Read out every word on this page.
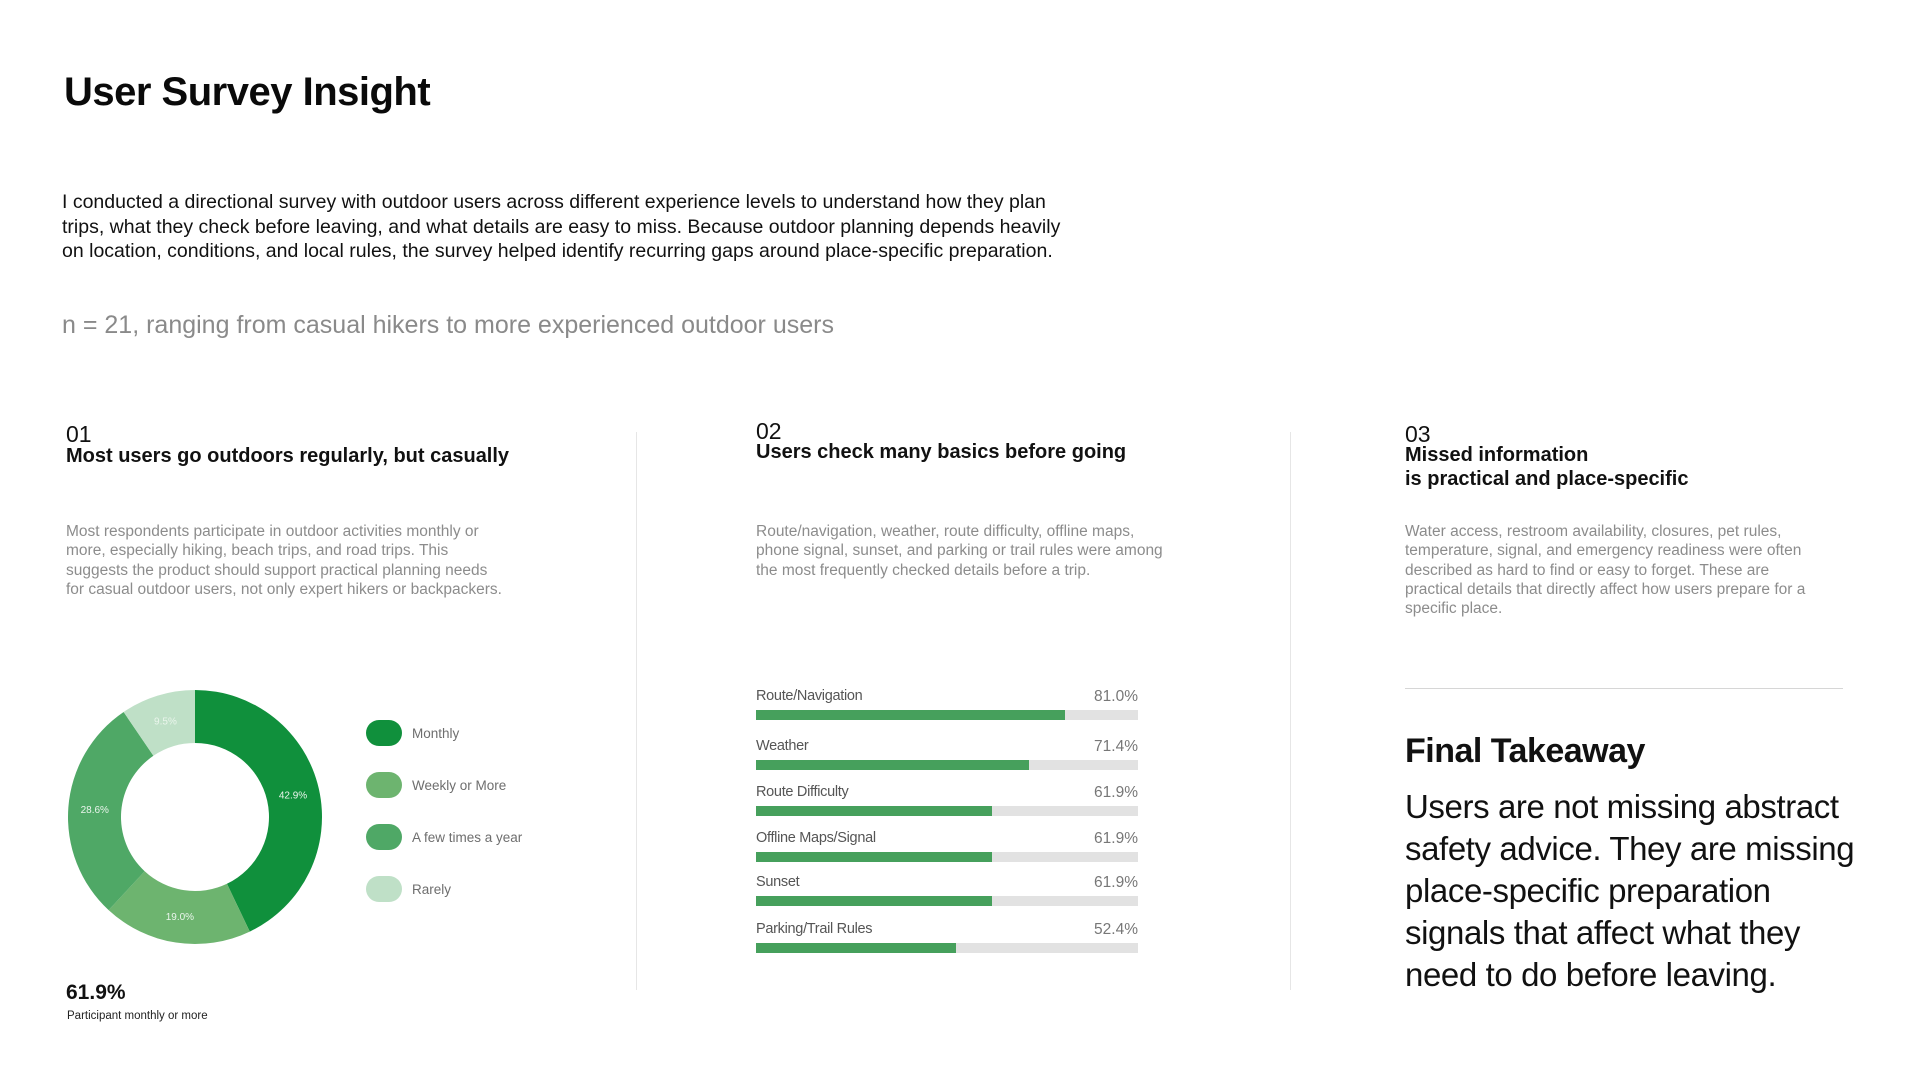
User Survey Insight
I conducted a directional survey with outdoor users across different experience levels to understand how they plan trips, what they check before leaving, and what details are easy to miss. Because outdoor planning depends heavily on location, conditions, and local rules, the survey helped identify recurring gaps around place-specific preparation.
n = 21, ranging from casual hikers to more experienced outdoor users
01
Most users go outdoors regularly, but casually
Most respondents participate in outdoor activities monthly or more, especially hiking, beach trips, and road trips. This suggests the product should support practical planning needs for casual outdoor users, not only expert hikers or backpackers.
42.9%
19.0%
28.6%
9.5%
Monthly
Weekly or More
A few times a year
Rarely
61.9%
Participant monthly or more
02
Users check many basics before going
Route/navigation, weather, route difficulty, offline maps, phone signal, sunset, and parking or trail rules were among the most frequently checked details before a trip.
Route/Navigation	81.0%
Weather	71.4%
Route Difficulty	61.9%
Offline Maps/Signal	61.9%
Sunset	61.9%
Parking/Trail Rules	52.4%
03
Missed information
is practical and place-specific
Water access, restroom availability, closures, pet rules, temperature, signal, and emergency readiness were often described as hard to find or easy to forget. These are practical details that directly affect how users prepare for a specific place.
Final Takeaway
Users are not missing abstract safety advice. They are missing place-specific preparation signals that affect what they need to do before leaving.
